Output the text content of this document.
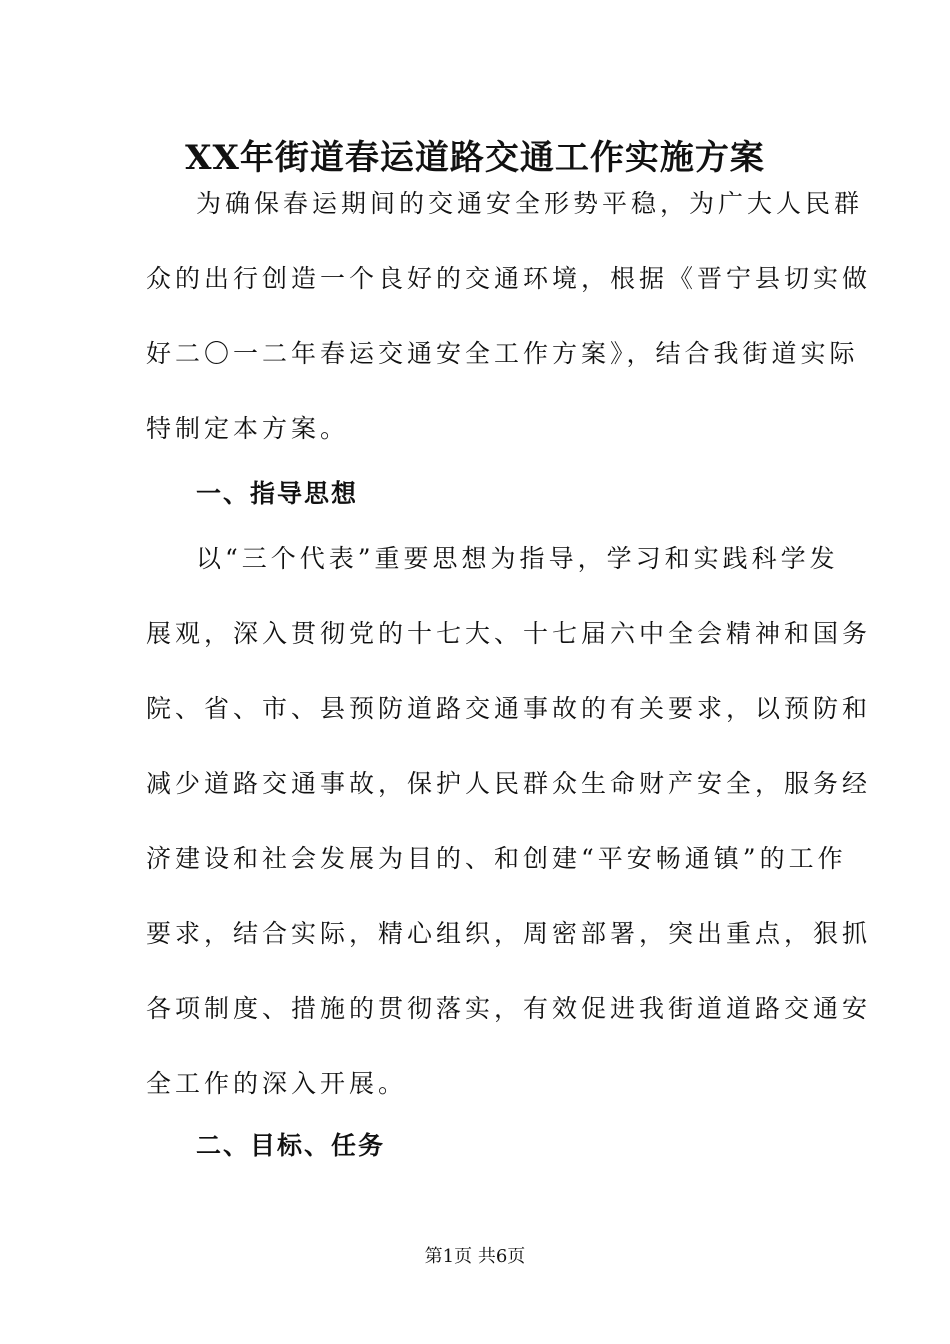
XX年街道春运道路交通工作实施方案
为确保春运期间的交通安全形势平稳，为广大人民群
众的出行创造一个良好的交通环境，根据《晋宁县切实做
好二〇一二年春运交通安全工作方案》，结合我街道实际
特制定本方案。
一、指导思想
以“三个代表”重要思想为指导，学习和实践科学发
展观，深入贯彻党的十七大、十七届六中全会精神和国务
院、省、市、县预防道路交通事故的有关要求，以预防和
减少道路交通事故，保护人民群众生命财产安全，服务经
济建设和社会发展为目的、和创建“平安畅通镇”的工作
要求，结合实际，精心组织，周密部署，突出重点，狠抓
各项制度、措施的贯彻落实，有效促进我街道道路交通安
全工作的深入开展。
二、目标、任务
第1页 共6页
